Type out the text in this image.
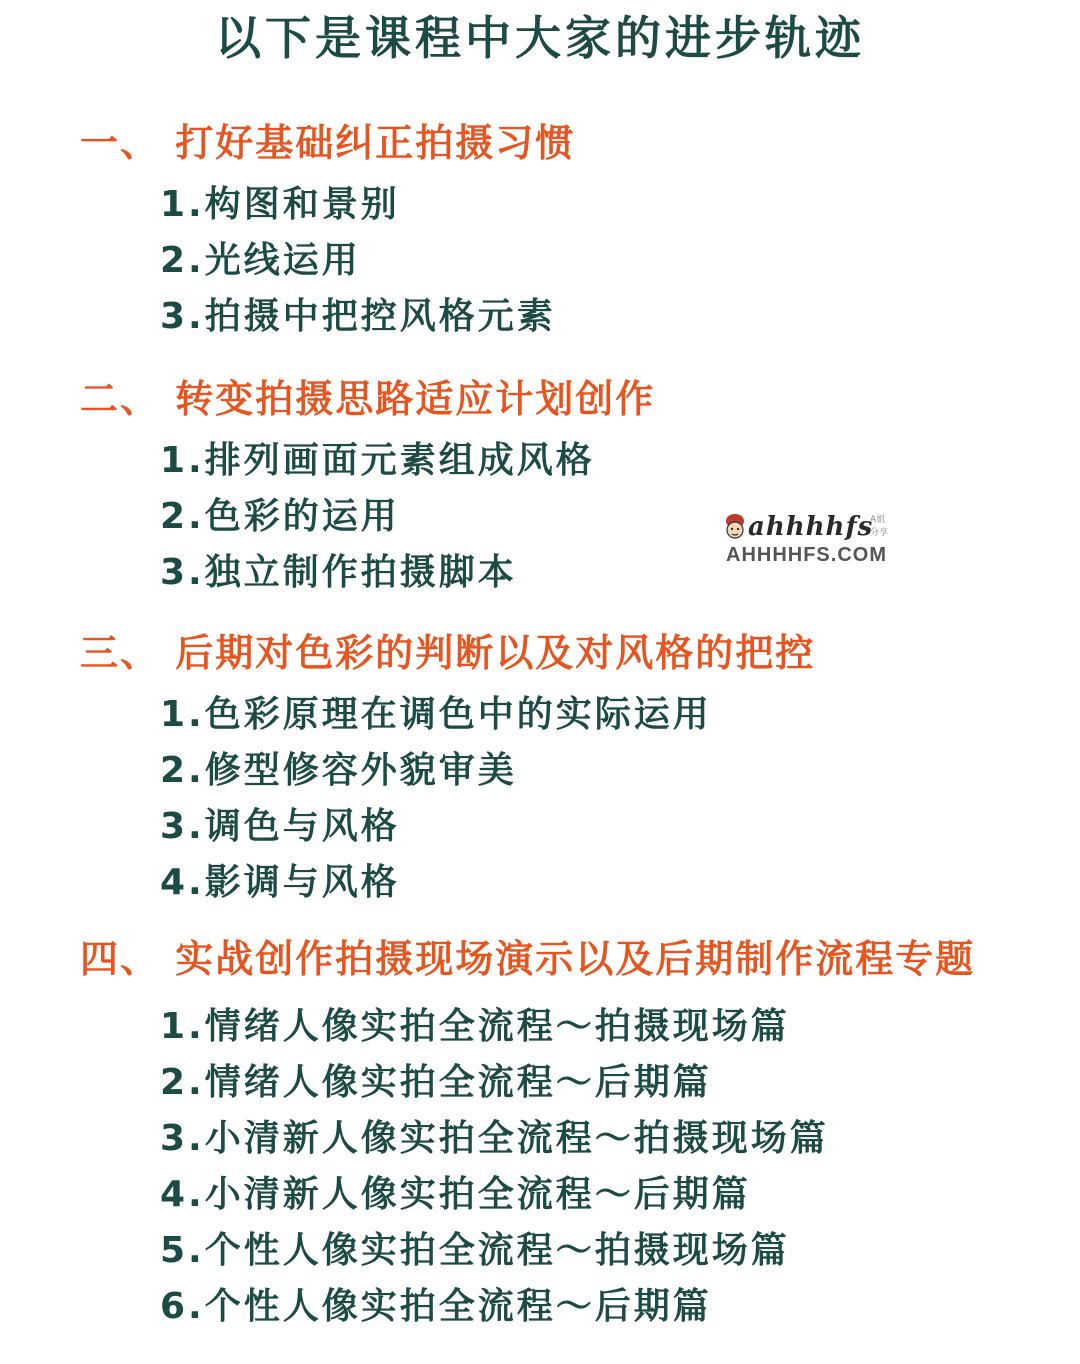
以下是课程中大家的进步轨迹
一、 打好基础纠正拍摄习惯
1.构图和景别
2.光线运用
3.拍摄中把控风格元素
二、 转变拍摄思路适应计划创作
1.排列画面元素组成风格
2.色彩的运用
3.独立制作拍摄脚本
三、 后期对色彩的判断以及对风格的把控
1.色彩原理在调色中的实际运用
2.修型修容外貌审美
3.调色与风格
4.影调与风格
四、 实战创作拍摄现场演示以及后期制作流程专题
1.情绪人像实拍全流程～拍摄现场篇
2.情绪人像实拍全流程～后期篇
3.小清新人像实拍全流程～拍摄现场篇
4.小清新人像实拍全流程～后期篇
5.个性人像实拍全流程～拍摄现场篇
6.个性人像实拍全流程～后期篇
ahhhhfs
A姐分享
AHHHHFS.COM
